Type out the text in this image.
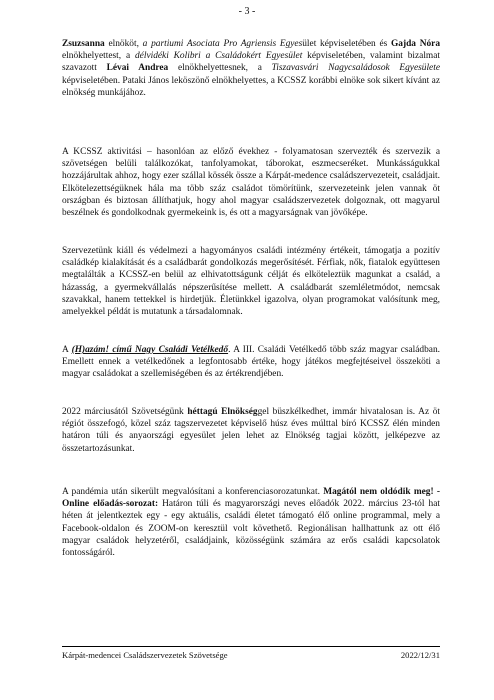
- 3 -

Zsuzsanna elnököt, a partiumi Asociata Pro Agriensis Egyesület képviseletében és Gajda Nóra elnökhelyettest, a délvidéki Kolibri a Családokért Egyesület képviseletében, valamint bizalmat szavazott Lévai Andrea elnökhelyettesnek, a Tiszavasvári Nagycsaládosok Egyesülete képviseletében. Pataki János leköszönő elnökhelyettes, a KCSSZ korábbi elnöke sok sikert kívánt az elnökség munkájához.

A KCSSZ aktivitási – hasonlóan az előző évekhez - folyamatosan szervezték és szervezik a szövetségen belüli találkozókat, tanfolyamokat, táborokat, eszmecseréket. Munkásságukkal hozzájárultak ahhoz, hogy ezer szállal kössék össze a Kárpát-medence családszervezeteit, családjait. Elkötelezettségüknek hála ma több száz családot tömörítünk, szervezeteink jelen vannak öt országban és biztosan állíthatjuk, hogy ahol magyar családszervezetek dolgoznak, ott magyarul beszélnek és gondolkodnak gyermekeink is, és ott a magyarságnak van jövőképe.

Szervezetünk kiáll és védelmezi a hagyományos családi intézmény értékeit, támogatja a pozitív családkép kialakítását és a családbarát gondolkozás megerősítését. Férfiak, nők, fiatalok együttesen megtalálták a KCSSZ-en belül az elhivatottságunk célját és elköteleztük magunkat a család, a házasság, a gyermekvállalás népszerűsítése mellett. A családbarát szemléletmódot, nemcsak szavakkal, hanem tettekkel is hirdetjük. Életünkkel igazolva, olyan programokat valósítunk meg, amelyekkel példát is mutatunk a társadalomnak.

A (H)azám! című Nagy Családi Vetélkedő. A III. Családi Vetélkedő több száz magyar családban. Emellett ennek a vetélkedőnek a legfontosabb értéke, hogy játékos megfejtéseivel összeköti a magyar családokat a szellemiségében és az értékrendjében.

2022 márciusától Szövetségünk héttagú Elnökséggel büszkélkedhet, immár hivatalosan is. Az öt régiót összefogó, közel száz tagszervezetet képviselő húsz éves múlttal bíró KCSSZ élén minden határon túli és anyaországi egyesület jelen lehet az Elnökség tagjai között, jelképezve az összetartozásunkat.

A pandémia után sikerült megvalósítani a konferenciasorozatunkat. Magától nem oldódik meg! - Online előadás-sorozat: Határon túli és magyarországi neves előadók 2022. március 23-tól hat héten át jelentkeztek egy - egy aktuális, családi életet támogató élő online programmal, mely a Facebook-oldalon és ZOOM-on keresztül volt követhető. Regionálisan hallhattunk az ott élő magyar családok helyzetéről, családjaink, közösségünk számára az erős családi kapcsolatok fontosságáról.

Kárpát-medencei Családszervezetek Szövetsége	2022/12/31
